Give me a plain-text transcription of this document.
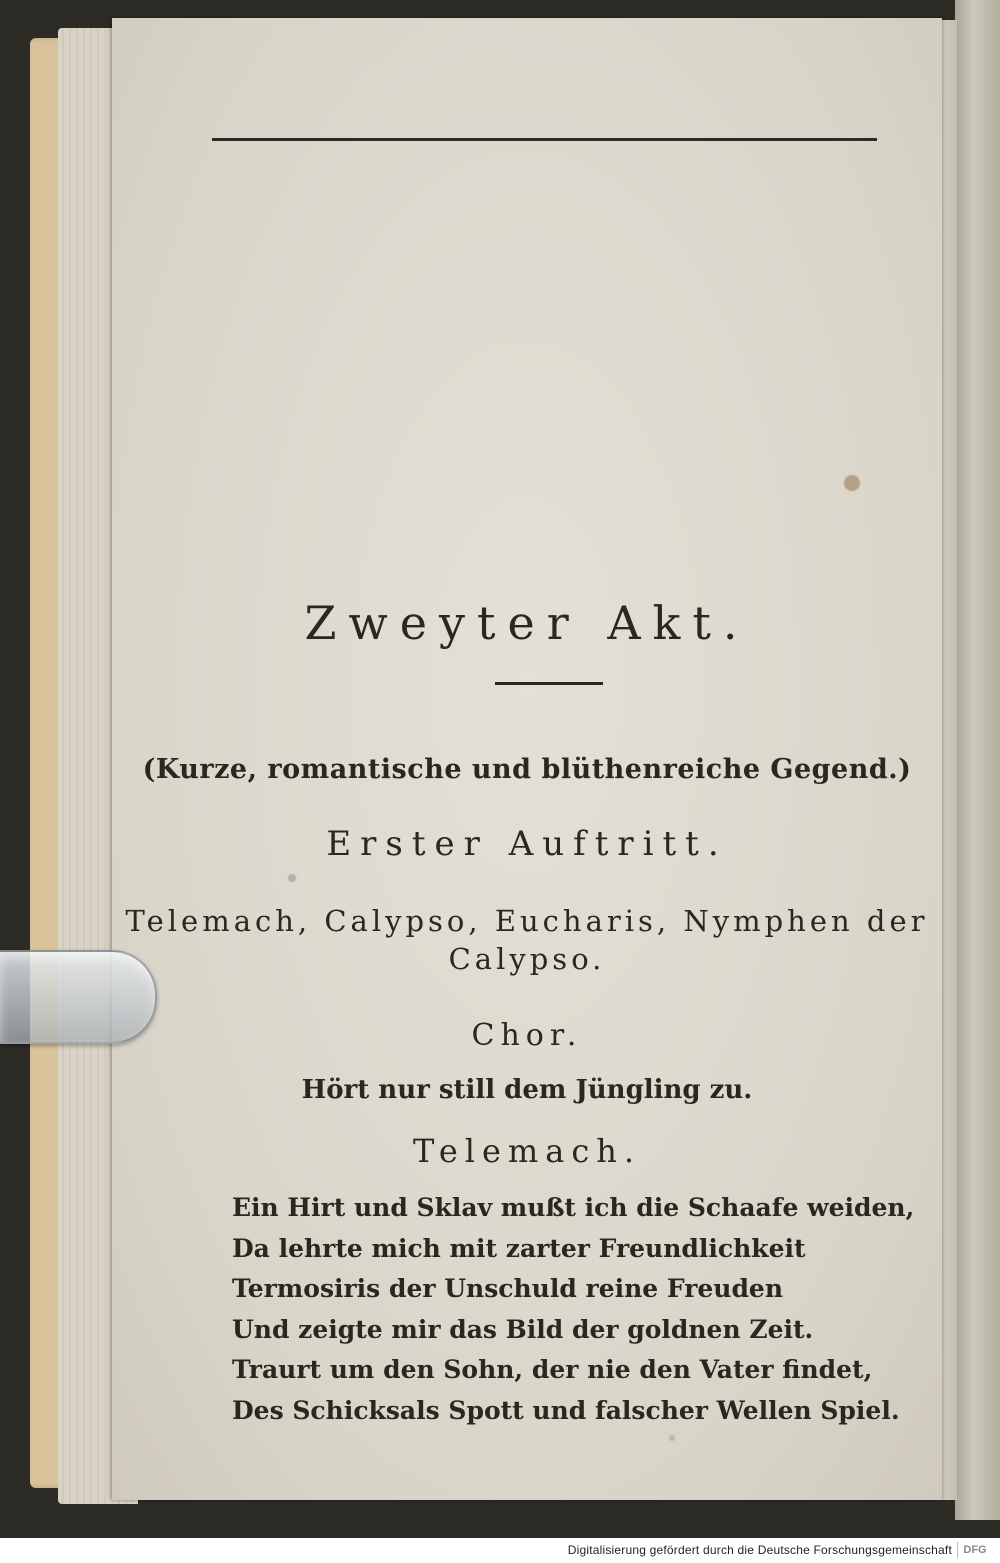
Zweyter Akt.
(Kurze, romantische und blüthenreiche Gegend.)
Erster Auftritt.
Telemach, Calypso, Eucharis, Nymphen der Calypso.
Chor.
Hört nur still dem Jüngling zu.
Telemach.
Ein Hirt und Sklav mußt ich die Schaafe weiden,
Da lehrte mich mit zarter Freundlichkeit
Termosiris der Unschuld reine Freuden
Und zeigte mir das Bild der goldnen Zeit.
Traurt um den Sohn, der nie den Vater findet,
Des Schicksals Spott und falscher Wellen Spiel.
Digitalisierung gefördert durch die Deutsche Forschungsgemeinschaft	DFG
